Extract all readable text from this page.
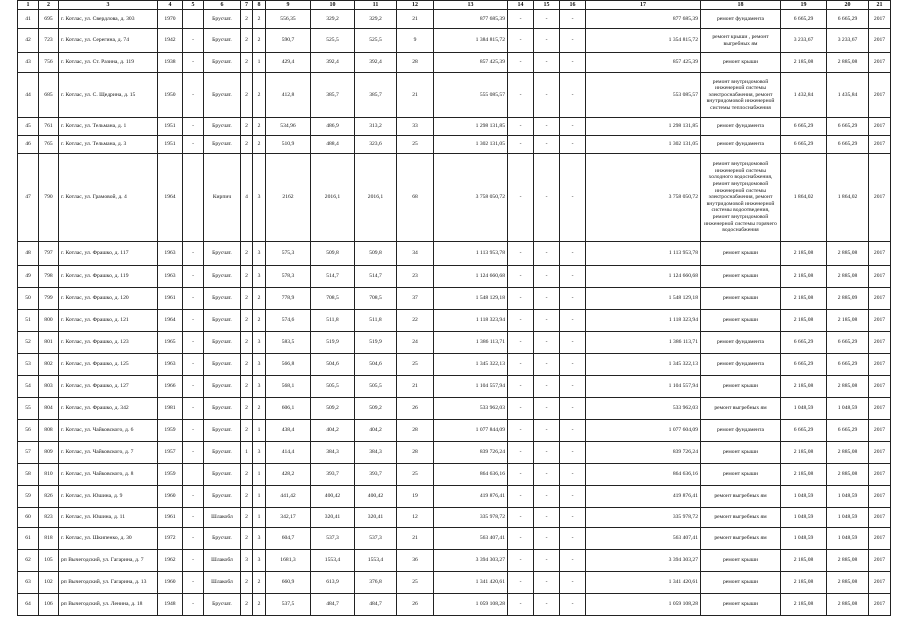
1	2	3	4	5	6	7	8	9	10	11	12	13	14	15	16	17	18	19	20	21
41	695	г. Котлас, ул. Свердлова, д. 303	1970		Брусчат.	2	2	556,35	329,2	329,2	21	877 685,39	-	-	-	877 685,39	ремонт фундамента	6 665,29	6 665,29	2017
42	723	г. Котлас, ул. Серегина, д. 74	1942	-	Брусчат.	2	2	590,7	525,5	525,5	9	1 384 815,72	-	-	-	1 354 815,72	ремонт крыши , ремонт выгребных ям	3 233,67	3 233,67	2017
43	756	г. Котлас, ул. Ст. Разина, д. 119	1938	-	Брусчат.	2	1	429,4	392,4	392,4	28	857 425,39	-	-	-	857 425,39	ремонт крыши	2 185,08	2 885,08	2017
44	685	г. Котлас, ул. С. Щедрина, д. 15	1950	-	Брусчат.	2	2	412,8	385,7	385,7	21	555 085,57	-	-	-	553 085,57	ремонт внутридомовой инженерной системы электроснабжения, ремонт внутридомовой инженерной системы теплоснабжения	1 432,84	1 435,84	2017
45	761	г. Котлас, ул. Тельмана, д. 1	1951	-	Брусчат.	2	2	534,96	486,9	313,2	33	1 298 131,85	-	-	-	1 298 131,85	ремонт фундамента	6 665,29	6 665,29	2017
46	765	г. Котлас, ул. Тельмана, д. 3	1951	-	Брусчат.	2	2	510,9	488,4	323,6	25	1 302 131,05	-	-	-	1 302 131,05	ремонт фундамента	6 665,29	6 665,29	2017
47	790	г. Котлас, ул. Грамовой, д. 4	1964		Кирпич	4	3	2162	2016,1	2016,1	68	3 758 050,72	-	-	-	3 758 050,72	ремонт внутридомовой инженерной системы холодного водоснабжения, ремонт внутридомовой инженерной системы электроснабжения, ремонт внутридомовой инженерной системы водоотведения, ремонт внутридомовой инженерной системы горячего водоснабжения	1 864,02	1 864,02	2017
48	797	г. Котлас, ул. Фрашко, д. 117	1963	-	Брусчат.	2	3	575,3	509,8	509,8	34	1 113 953,78	-	-	-	1 113 953,78	ремонт крыши	2 185,08	2 885,08	2017
49	798	г. Котлас, ул. Фрашко, д. 119	1963	-	Брусчат.	2	3	578,3	514,7	514,7	23	1 124 660,68	-	-	-	1 124 660,68	ремонт крыши	2 185,08	2 885,08	2017
50	799	г. Котлас, ул. Фрашко, д. 120	1961	-	Брусчат.	2	2	778,9	708,5	708,5	37	1 548 129,18	-	-	-	1 548 129,18	ремонт крыши	2 185,08	2 885,09	2017
51	800	г. Котлас, ул. Фрашко, д. 121	1964	-	Брусчат.	2	2	574,6	511,8	511,8	22	1 118 323,94	-	-	-	1 118 323,94	ремонт крыши	2 185,08	2 185,08	2017
52	801	г. Котлас, ул. Фрашко, д. 123	1965	-	Брусчат.	2	3	583,5	519,9	519,9	24	1 386 113,71	-	-	-	1 386 113,71	ремонт фундамента	6 665,29	6 665,29	2017
53	802	г. Котлас, ул. Фрашко, д. 125	1963	-	Брусчат.	2	3	566,8	504,6	504,6	25	1 345 322,13	-	-	-	1 345 322,13	ремонт фундамента	6 665,29	6 665,29	2017
54	803	г. Котлас, ул. Фрашко, д. 127	1966	-	Брусчат.	2	3	568,1	505,5	505,5	21	1 104 557,94	-	-	-	1 104 557,94	ремонт крыши	2 185,08	2 885,08	2017
55	804	г. Котлас, ул. Фрашко, д. 342	1981	-	Брусчат.	2	2	606,1	509,2	509,2	26	533 962,03	-	-	-	533 962,03	ремонт выгребных ям	1 048,59	1 048,59	2017
56	808	г. Котлас, ул. Чайковского, д. 6	1959	-	Брусчат.	2	1	438,4	404,2	404,2	28	1 077 844,09	-	-	-	1 077 604,09	ремонт фундамента	6 665,29	6 665,29	2017
57	809	г. Котлас, ул. Чайковского, д. 7	1957	-	Брусчат.	1	3	414,4	384,3	384,3	28	839 726,24	-	-	-	839 726,24	ремонт крыши	2 185,08	2 885,08	2017
58	810	г. Котлас, ул. Чайковского, д. 8	1959		Брусчат.	2	1	428,2	393,7	393,7	25	864 636,16	-	-	-	864 636,16	ремонт крыши	2 185,08	2 885,08	2017
59	826	г. Котлас, ул. Юшина, д. 9	1960	-	Брусчат.	2	1	441,42	400,42	400,42	19	419 876,41	-	-	-	419 876,41	ремонт выгребных ям	1 048,59	1 048,59	2017
60	823	г. Котлас, ул. Юшина, д. 11	1961	-	Шлакобл	2	1	342,17	320,41	320,41	12	335 978,72	-	-	-	335 978,72	ремонт выгребных ям	1 048,59	1 048,59	2017
61	818	г. Котлас, ул. Шкипенко, д. 30	1972	-	Брусчат.	2	3	604,7	537,3	537,3	21	563 407,41	-	-	-	563 407,41	ремонт выгребных ям	1 048,59	1 048,59	2017
62	105	рп Вычегодский, ул. Гагарина, д. 7	1962	-	Шлакобл	3	3	1681,3	1553,4	1553,4	36	3 394 303,27	-	-	-	3 394 303,27	ремонт крыши	2 185,08	2 885,08	2017
63	102	рп Вычегодский, ул. Гагарина, д. 13	1960	-	Шлакобл	2	2	660,9	613,9	376,8	25	1 341 420,61	-	-	-	1 341 420,61	ремонт крыши	2 185,08	2 885,08	2017
64	106	рп Вычегодский, ул. Ленина, д. 18	1948	-	Брусчат.	2	2	537,5	484,7	484,7	26	1 059 108,28	-	-	-	1 059 108,28	ремонт крыши	2 185,08	2 885,08	2017
